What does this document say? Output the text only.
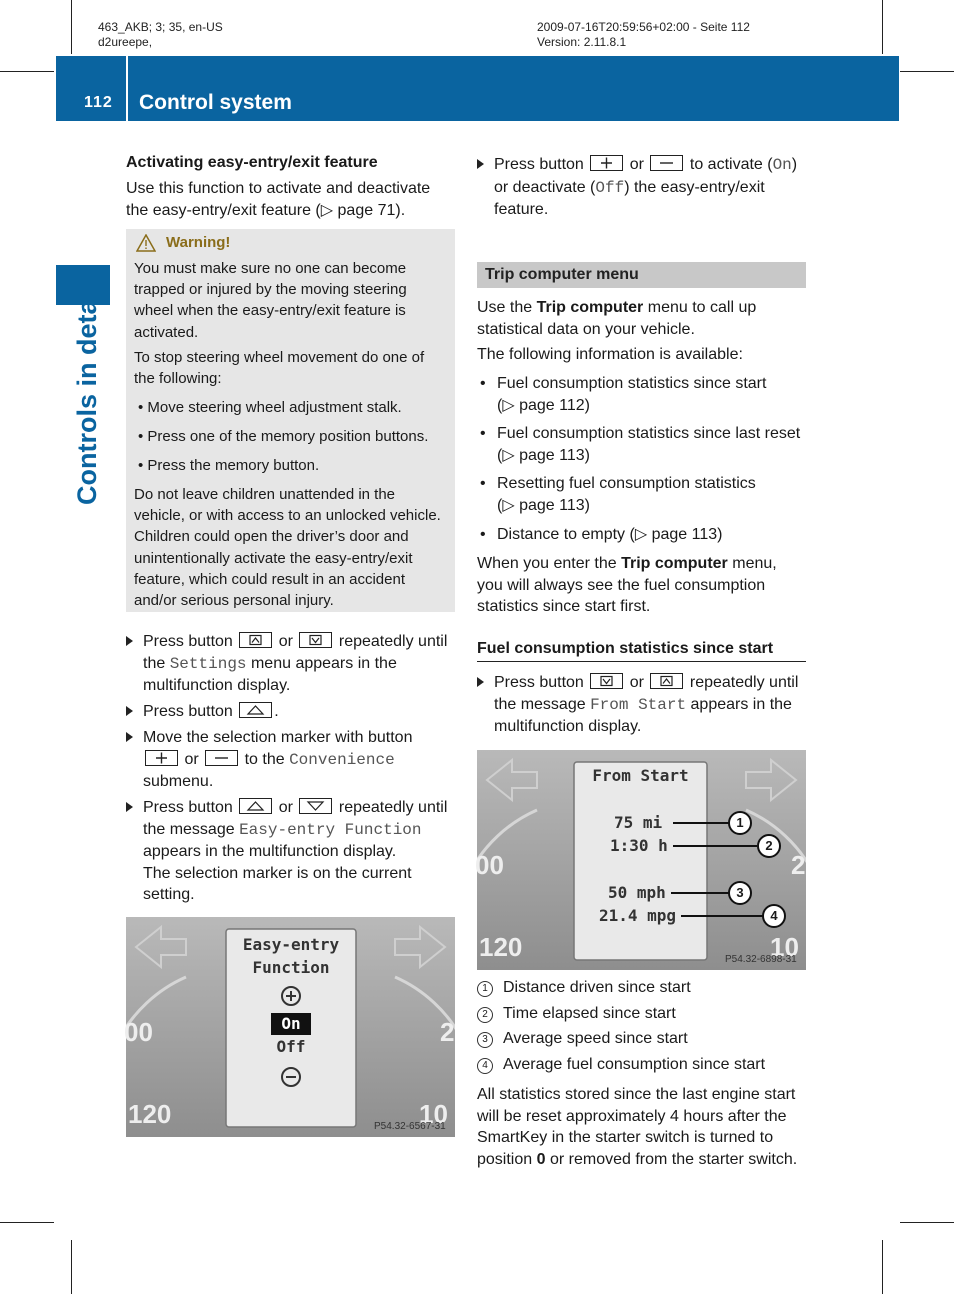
463_AKB; 3; 35, en-US
d2ureepe,
2009-07-16T20:59:56+02:00 - Seite 112
Version: 2.11.8.1
112 Control system
Controls in detail
Activating easy-entry/exit feature
Use this function to activate and deactivate
the easy-entry/exit feature (▷ page 71).
Warning!
You must make sure no one can become
trapped or injured by the moving steering
wheel when the easy-entry/exit feature is
activated.
To stop steering wheel movement do one of
the following:
• Move steering wheel adjustment stalk.
• Press one of the memory position buttons.
• Press the memory button.
Do not leave children unattended in the
vehicle, or with access to an unlocked vehicle.
Children could open the driver’s door and
unintentionally activate the easy-entry/exit
feature, which could result in an accident
and/or serious personal injury.
Press button	or	repeatedly until
the Settings menu appears in the
multifunction display.
Press button	.
Move the selection marker with button
or	to the Convenience
submenu.
Press button	or	repeatedly until
the message Easy-entry Function
appears in the multifunction display.
The selection marker is on the current
setting.
Easy-entry
Function
On
Off
00
120	10
2
P54.32-6567-31
Press button	or	to activate (On)
or deactivate (Off) the easy-entry/exit
feature.
Trip computer menu
Use the Trip computer menu to call up
statistical data on your vehicle.
The following information is available:
• Fuel consumption statistics since start
(▷ page 112)
• Fuel consumption statistics since last reset
(▷ page 113)
• Resetting fuel consumption statistics
(▷ page 113)
• Distance to empty (▷ page 113)
When you enter the Trip computer menu,
you will always see the fuel consumption
statistics since start first.
Fuel consumption statistics since start
Press button	or	repeatedly until
the message From Start appears in the
multifunction display.
From Start
75 mi
1:30 h
50 mph
21.4 mpg
1
2
3
4
00
120	10
2
P54.32-6898-31
1 Distance driven since start
2 Time elapsed since start
3 Average speed since start
4 Average fuel consumption since start
All statistics stored since the last engine start
will be reset approximately 4 hours after the
SmartKey in the starter switch is turned to
position 0 or removed from the starter switch.
